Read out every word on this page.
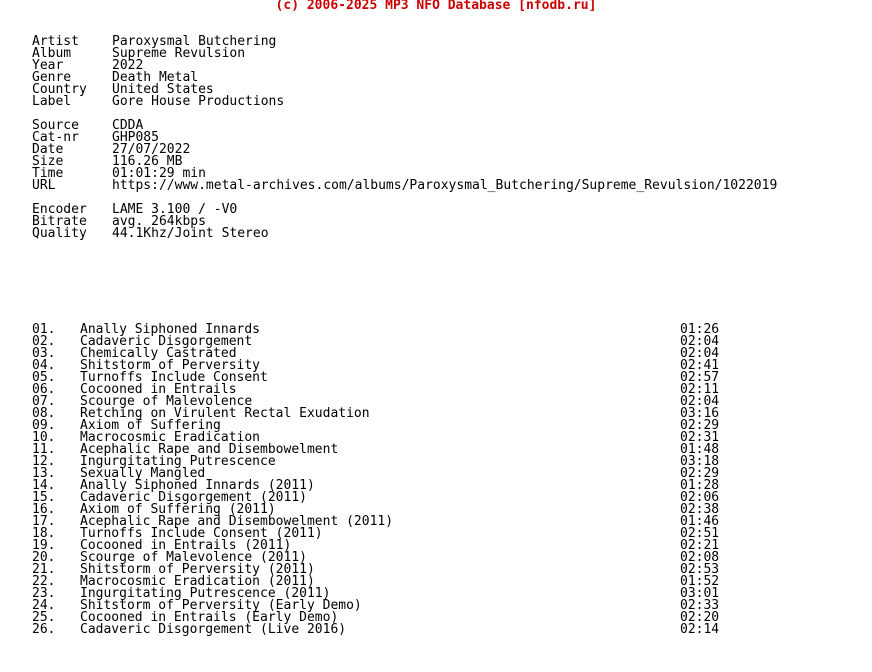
(c) 2006-2025 MP3 NFO Database [nfodb.ru]
Artist	Paroxysmal Butchering
Album	Supreme Revulsion
Year	2022
Genre	Death Metal
Country United States
Label	Gore House Productions
Source	CDDA
Cat-nr	GHP085
Date	27/07/2022
Size	116.26 MB
Time	01:01:29 min
URL	https://www.metal-archives.com/albums/Paroxysmal_Butchering/Supreme_Revulsion/1022019
Encoder LAME 3.100 / -V0
Bitrate avg. 264kbps
Quality 44.1Khz/Joint Stereo
01. Anally Siphoned Innards	01:26
02. Cadaveric Disgorgement	02:04
03. Chemically Castrated	02:04
04. Shitstorm of Perversity	02:41
05. Turnoffs Include Consent	02:57
06. Cocooned in Entrails	02:11
07. Scourge of Malevolence	02:04
08. Retching on Virulent Rectal Exudation	03:16
09. Axiom of Suffering	02:29
10. Macrocosmic Eradication	02:31
11. Acephalic Rape and Disembowelment	01:48
12. Ingurgitating Putrescence	03:18
13. Sexually Mangled	02:29
14. Anally Siphoned Innards (2011)	01:28
15. Cadaveric Disgorgement (2011)	02:06
16. Axiom of Suffering (2011)	02:38
17. Acephalic Rape and Disembowelment (2011)	01:46
18. Turnoffs Include Consent (2011)	02:51
19. Cocooned in Entrails (2011)	02:21
20. Scourge of Malevolence (2011)	02:08
21. Shitstorm of Perversity (2011)	02:53
22. Macrocosmic Eradication (2011)	01:52
23. Ingurgitating Putrescence (2011)	03:01
24. Shitstorm of Perversity (Early Demo)	02:33
25. Cocooned in Entrails (Early Demo)	02:20
26. Cadaveric Disgorgement (Live 2016)	02:14
